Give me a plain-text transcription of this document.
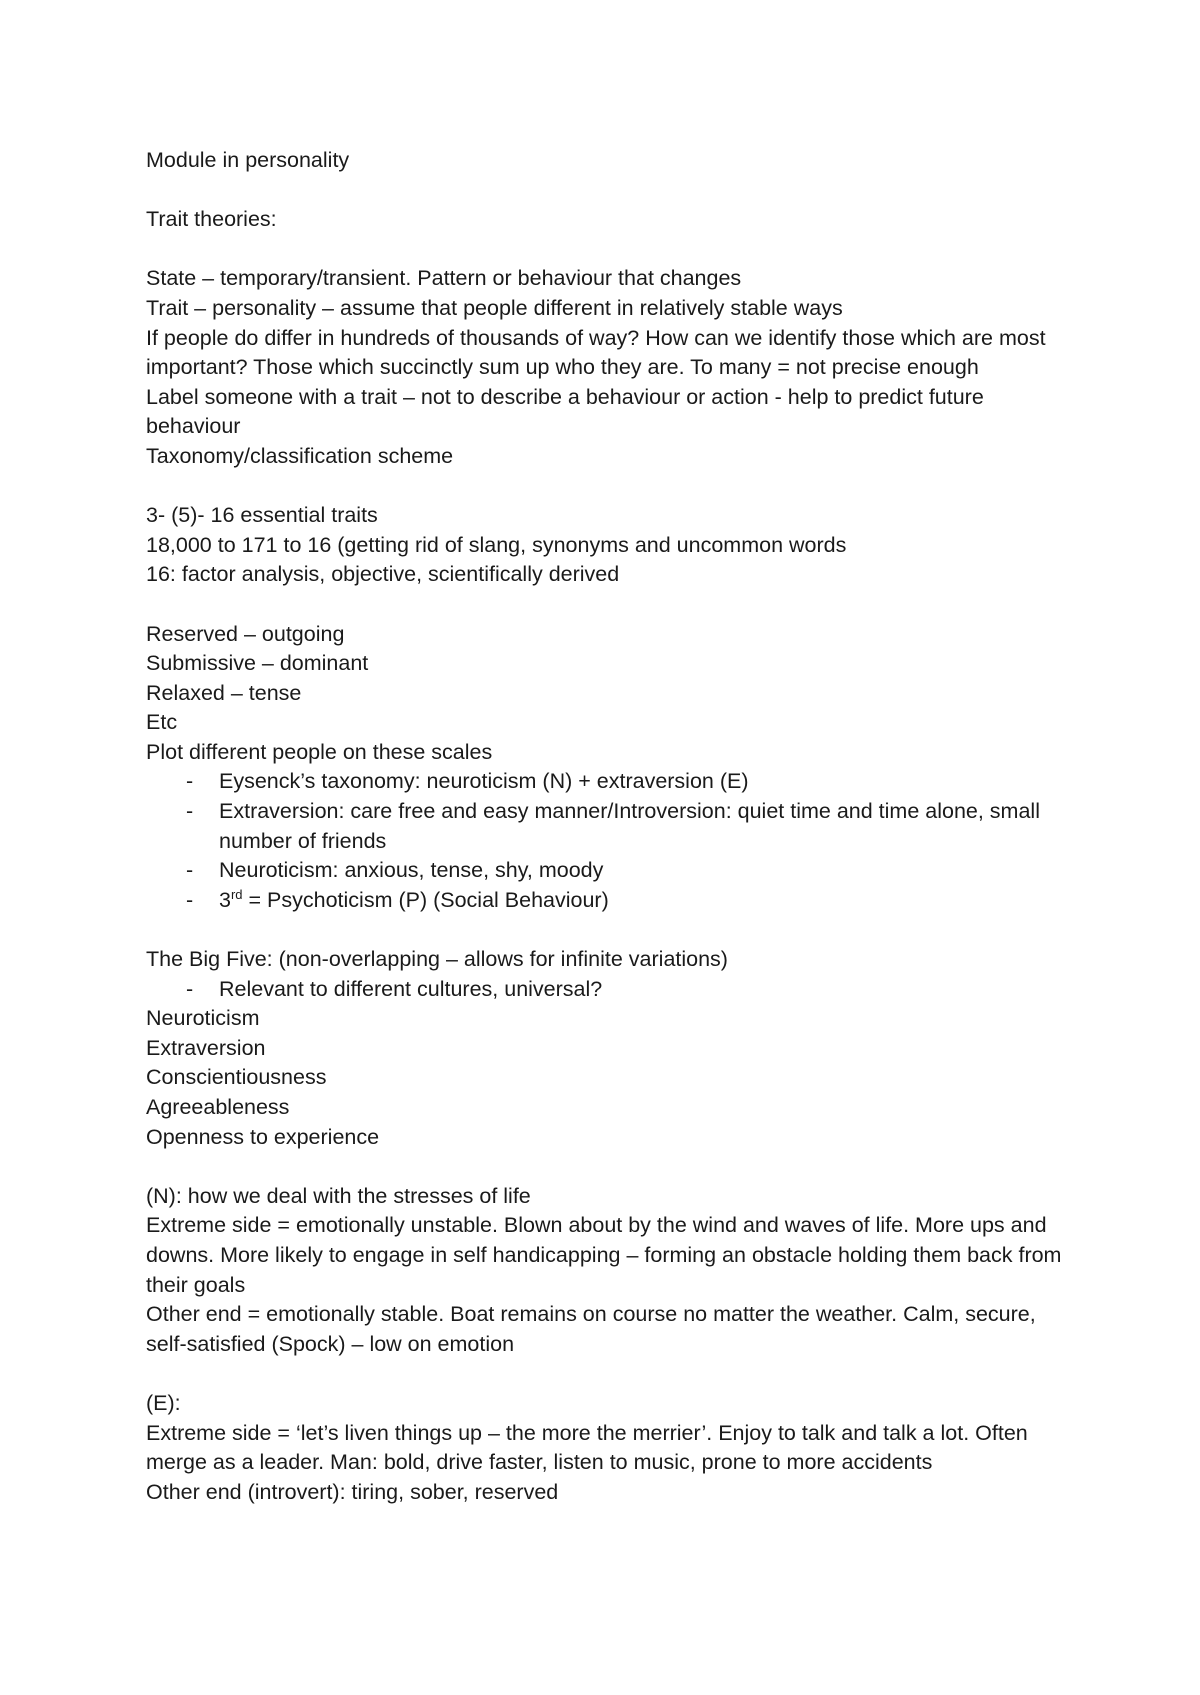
Module in personality

Trait theories:

State – temporary/transient. Pattern or behaviour that changes

Trait – personality – assume that people different in relatively stable ways

If people do differ in hundreds of thousands of way? How can we identify those which are most important? Those which succinctly sum up who they are. To many = not precise enough

Label someone with a trait – not to describe a behaviour or action - help to predict future behaviour

Taxonomy/classification scheme

3- (5)- 16 essential traits

18,000 to 171 to 16 (getting rid of slang, synonyms and uncommon words

16: factor analysis, objective, scientifically derived

Reserved – outgoing

Submissive – dominant

Relaxed – tense

Etc

Plot different people on these scales

- Eysenck’s taxonomy: neuroticism (N) + extraversion (E)
- Extraversion: care free and easy manner/Introversion: quiet time and time alone, small number of friends
- Neuroticism: anxious, tense, shy, moody
- 3rd = Psychoticism (P) (Social Behaviour)

The Big Five: (non-overlapping – allows for infinite variations)

- Relevant to different cultures, universal?

Neuroticism

Extraversion

Conscientiousness

Agreeableness

Openness to experience

(N): how we deal with the stresses of life

Extreme side = emotionally unstable. Blown about by the wind and waves of life. More ups and downs. More likely to engage in self handicapping – forming an obstacle holding them back from their goals

Other end = emotionally stable. Boat remains on course no matter the weather. Calm, secure, self-satisfied (Spock) – low on emotion

(E):

Extreme side = ‘let’s liven things up – the more the merrier’. Enjoy to talk and talk a lot. Often merge as a leader. Man: bold, drive faster, listen to music, prone to more accidents

Other end (introvert): tiring, sober, reserved
